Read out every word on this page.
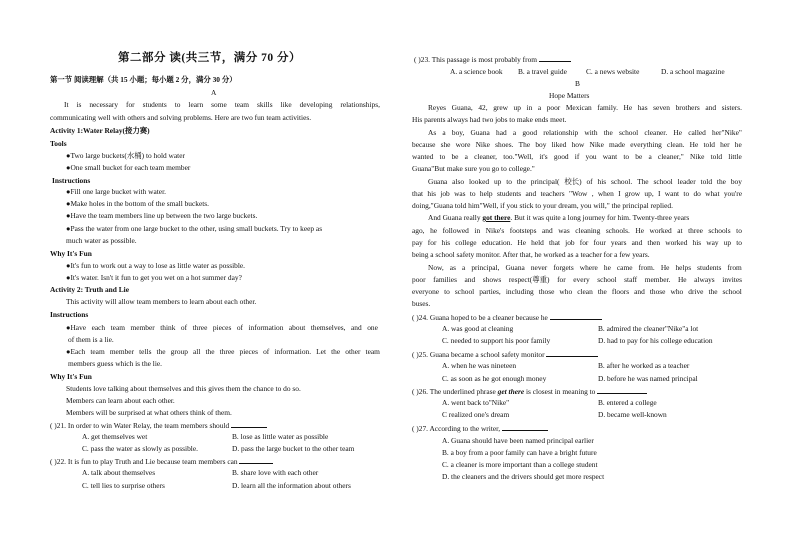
第二部分 读(共三节，满分 70 分）
第一节 阅读理解（共 15 小题；每小题 2 分，满分 30 分）
A
It is necessary for students to learn some team skills like developing relationships,
communicating well with others and solving problems. Here are two fun team activities.
Activity 1:Water Relay(接力赛)
Tools
●Two large buckets(水桶) to hold water
●One small bucket for each team member
Instructions
●Fill one large bucket with water.
●Make holes in the bottom of the small buckets.
●Have the team members line up between the two large buckets.
●Pass the water from one large bucket to the other, using small buckets. Try to keep as
much water as possible.
Why It's Fun
●It's fun to work out a way to lose as little water as possible.
●It's water. Isn't it fun to get you wet on a hot summer day?
Activity 2: Truth and Lie
This activity will allow team members to learn about each other.
Instructions
●Have each team member think of three pieces of information about themselves, and one
of them is a lie.
●Each team member tells the group all the three pieces of information. Let the other team
members guess which is the lie.
Why It's Fun
Students love talking about themselves and this gives them the chance to do so.
Members can learn about each other.
Members will be surprised at what others think of them.
( )21. In order to win Water Relay, the team members should
A. get themselves wet	B. lose as little water as possible
C. pass the water as slowly as possible.	D. pass the large bucket to the other team
( )22. It is fun to play Truth and Lie because team members can
A. talk about themselves	B. share love with each other
C. tell lies to surprise others	D. learn all the information about others
( )23. This passage is most probably from
A. a science book B. a travel guide	C. a news website	D. a school magazine
B
Hope Matters
Reyes Guana, 42, grew up in a poor Mexican family. He has seven brothers and sisters.
His parents always had two jobs to make ends meet.
As a boy, Guana had a good relationship with the school cleaner. He called her"Nike"
because she wore Nike shoes. The boy liked how Nike made everything clean. He told her he
wanted to be a cleaner, too."Well, it's good if you want to be a cleaner," Nike told little
Guana"But make sure you go to college."
Guana also looked up to the principal( 校长) of his school. The school leader told the boy
that his job was to help students and teachers "Wow , when I grow up, I want to do what you're
doing,"Guana told him"Well, if you stick to your dream, you will," the principal replied.
And Guana really got there. But it was quite a long journey for him. Twenty-three years
ago, he followed in Nike's footsteps and was cleaning schools. He worked at three schools to
pay for his college education. He held that job for four years and then worked his way up to
being a school safety monitor. After that, he worked as a teacher for a few years.
Now, as a principal, Guana never forgets where he came from. He helps students from
poor families and shows respect(尊重) for every school staff member. He always invites
everyone to school parties, including those who clean the floors and those who drive the school
buses.
( )24. Guana hoped to be a cleaner because he
A. was good at cleaning	B. admired the cleaner"Nike"a lot
C. needed to support his poor family	D. had to pay for his college education
( )25. Guana became a school safety monitor
A. when he was nineteen	B. after he worked as a teacher
C. as soon as he got enough money	D. before he was named principal
( )26. The underlined phrase get there is closest in meaning to
A. went back to"Nike"	B. entered a college
C realized one's dream	D. became well-known
( )27. According to the writer,
A. Guana should have been named principal earlier
B. a boy from a poor family can have a bright future
C. a cleaner is more important than a college student
D. the cleaners and the drivers should get more respect
